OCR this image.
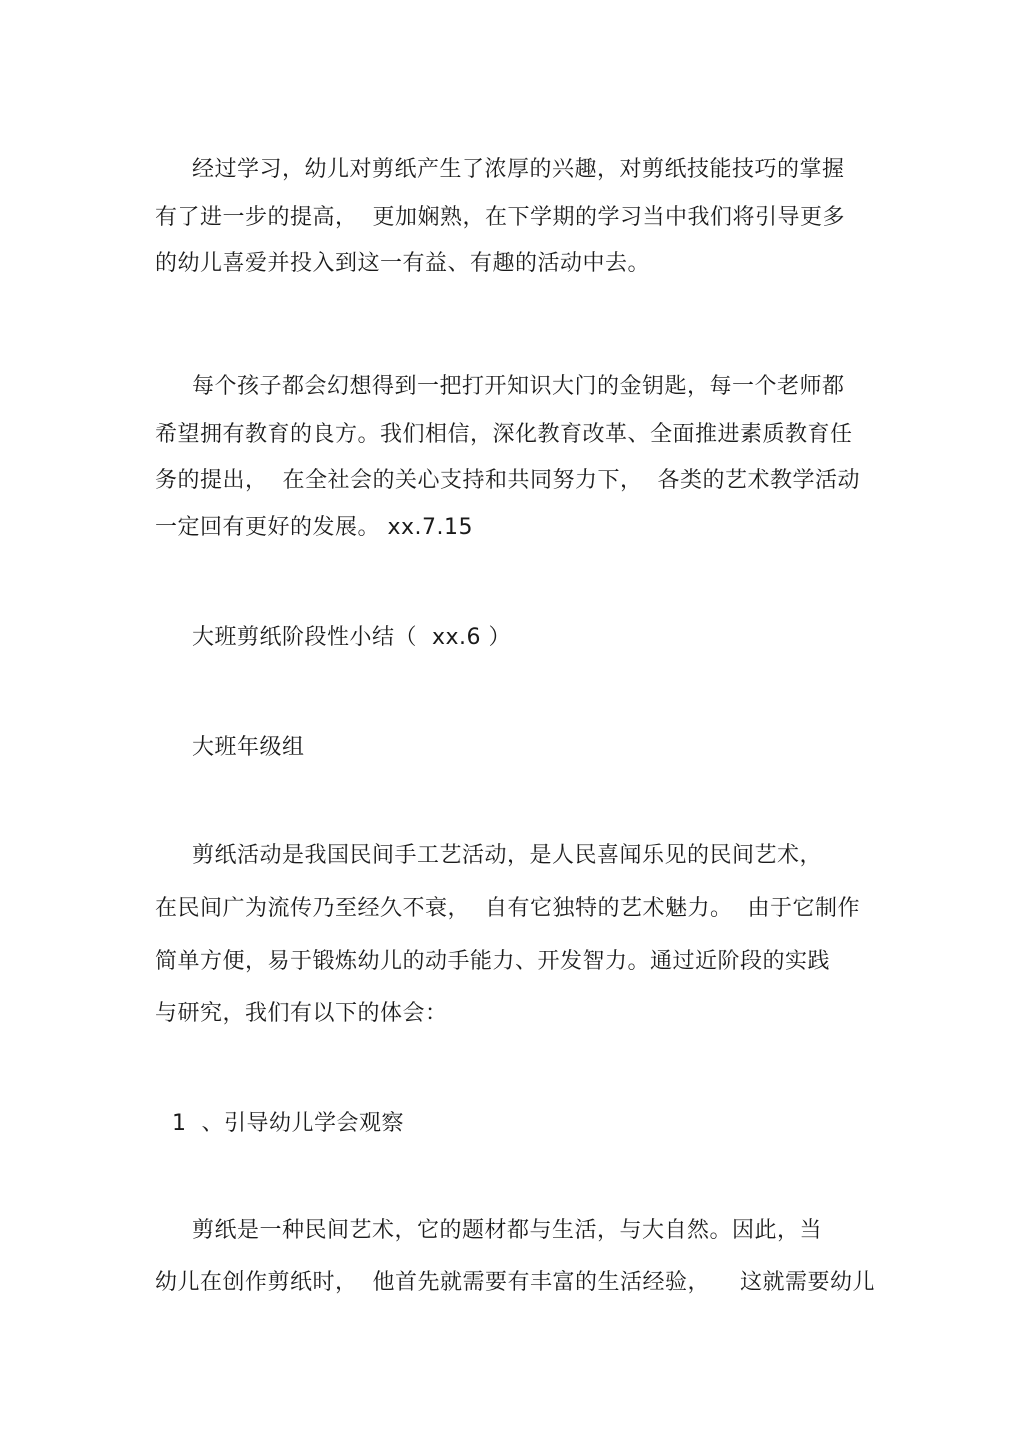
经过学习，幼儿对剪纸产生了浓厚的兴趣，对剪纸技能技巧的掌握
有了进一步的提高，  更加娴熟，在下学期的学习当中我们将引导更多
的幼儿喜爱并投入到这一有益、有趣的活动中去。
每个孩子都会幻想得到一把打开知识大门的金钥匙，每一个老师都
希望拥有教育的良方。我们相信，深化教育改革、全面推进素质教育任
务的提出，  在全社会的关心支持和共同努力下，  各类的艺术教学活动
一定回有更好的发展。 xx.7.15
大班剪纸阶段性小结（  xx.6 ）
大班年级组
剪纸活动是我国民间手工艺活动，是人民喜闻乐见的民间艺术，
在民间广为流传乃至经久不衰，  自有它独特的艺术魅力。  由于它制作
简单方便，易于锻炼幼儿的动手能力、开发智力。通过近阶段的实践
与研究，我们有以下的体会：
1  、引导幼儿学会观察
剪纸是一种民间艺术，它的题材都与生活，与大自然。因此，当
幼儿在创作剪纸时，  他首先就需要有丰富的生活经验，    这就需要幼儿
